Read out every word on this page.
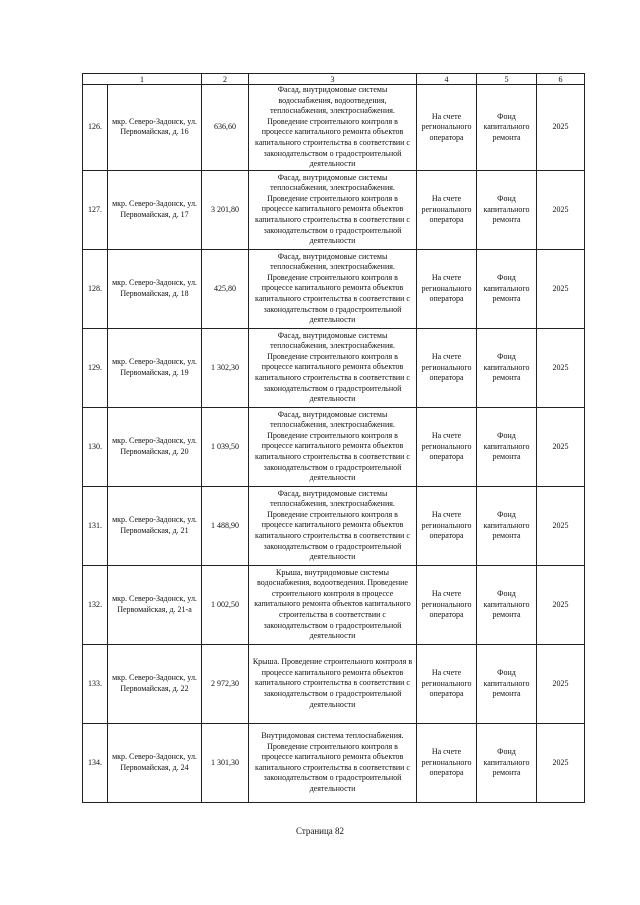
1		2	3	4	5	6
126.	мкр. Северо-Задонск, ул. Первомайская, д. 16	636,60	Фасад, внутридомовые системы водоснабжения, водоотведения, теплоснабжения, электроснабжения. Проведение строительного контроля в процессе капитального ремонта объектов капитального строительства в соответствии с законодательством о градостроительной деятельности	На счете регионального оператора	Фонд капитального ремонта	2025
127.	мкр. Северо-Задонск, ул. Первомайская, д. 17	3 201,80	Фасад, внутридомовые системы теплоснабжения, электроснабжения. Проведение строительного контроля в процессе капитального ремонта объектов капитального строительства в соответствии с законодательством о градостроительной деятельности	На счете регионального оператора	Фонд капитального ремонта	2025
128.	мкр. Северо-Задонск, ул. Первомайская, д. 18	425,80	Фасад, внутридомовые системы теплоснабжения, электроснабжения. Проведение строительного контроля в процессе капитального ремонта объектов капитального строительства в соответствии с законодательством о градостроительной деятельности	На счете регионального оператора	Фонд капитального ремонта	2025
129.	мкр. Северо-Задонск, ул. Первомайская, д. 19	1 302,30	Фасад, внутридомовые системы теплоснабжения, электроснабжения. Проведение строительного контроля в процессе капитального ремонта объектов капитального строительства в соответствии с законодательством о градостроительной деятельности	На счете регионального оператора	Фонд капитального ремонта	2025
130.	мкр. Северо-Задонск, ул. Первомайская, д. 20	1 039,50	Фасад, внутридомовые системы теплоснабжения, электроснабжения. Проведение строительного контроля в процессе капитального ремонта объектов капитального строительства в соответствии с законодательством о градостроительной деятельности	На счете регионального оператора	Фонд капитального ремонта	2025
131.	мкр. Северо-Задонск, ул. Первомайская, д. 21	1 488,90	Фасад, внутридомовые системы теплоснабжения, электроснабжения. Проведение строительного контроля в процессе капитального ремонта объектов капитального строительства в соответствии с законодательством о градостроительной деятельности	На счете регионального оператора	Фонд капитального ремонта	2025
132.	мкр. Северо-Задонск, ул. Первомайская, д. 21-а	1 002,50	Крыша, внутридомовые системы водоснабжения, водоотведения. Проведение строительного контроля в процессе капитального ремонта объектов капитального строительства в соответствии с законодательством о градостроительной деятельности	На счете регионального оператора	Фонд капитального ремонта	2025
133.	мкр. Северо-Задонск, ул. Первомайская, д. 22	2 972,30	Крыша. Проведение строительного контроля в процессе капитального ремонта объектов капитального строительства в соответствии с законодательством о градостроительной деятельности	На счете регионального оператора	Фонд капитального ремонта	2025
134.	мкр. Северо-Задонск, ул. Первомайская, д. 24	1 301,30	Внутридомовая система теплоснабжения. Проведение строительного контроля в процессе капитального ремонта объектов капитального строительства в соответствии с законодательством о градостроительной деятельности	На счете регионального оператора	Фонд капитального ремонта	2025
Страница 82
